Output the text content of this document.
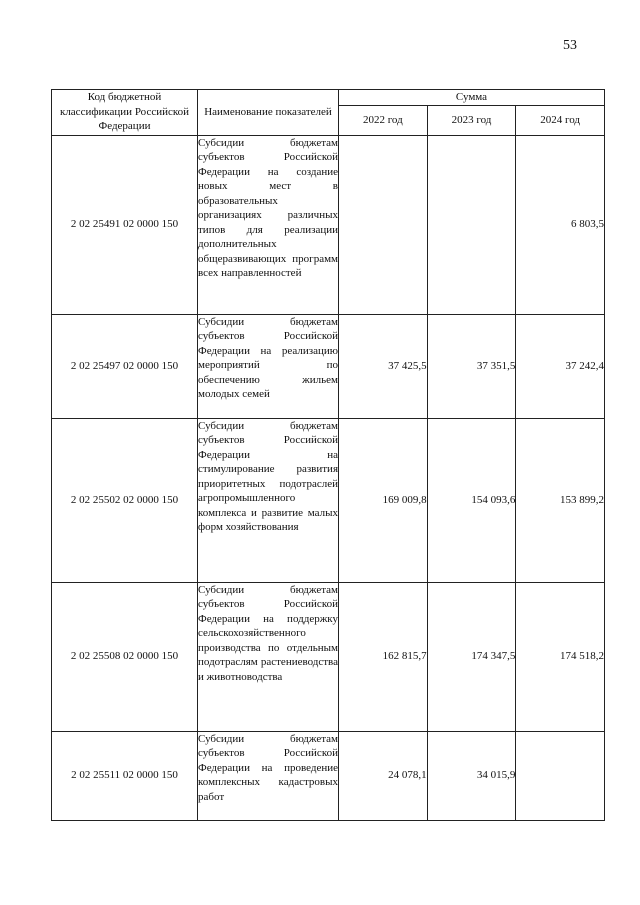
53
Код бюджетной классификации Российской Федерации	Наименование показателей	Сумма		
		2022 год	2023 год	2024 год
2 02 25491 02 0000 150	Субсидии бюджетам субъектов Российской Федерации на создание новых мест в образовательных организациях различных типов для реализации дополнительных общеразвивающих программ всех направленностей			6 803,5
2 02 25497 02 0000 150	Субсидии бюджетам субъектов Российской Федерации на реализацию мероприятий по обеспечению жильем молодых семей	37 425,5	37 351,5	37 242,4
2 02 25502 02 0000 150	Субсидии бюджетам субъектов Российской Федерации на стимулирование развития приоритетных подотраслей агропромышленного комплекса и развитие малых форм хозяйствования	169 009,8	154 093,6	153 899,2
2 02 25508 02 0000 150	Субсидии бюджетам субъектов Российской Федерации на поддержку сельскохозяйственного производства по отдельным подотраслям растениеводства и животноводства	162 815,7	174 347,5	174 518,2
2 02 25511 02 0000 150	Субсидии бюджетам субъектов Российской Федерации на проведение комплексных кадастровых работ	24 078,1	34 015,9	
